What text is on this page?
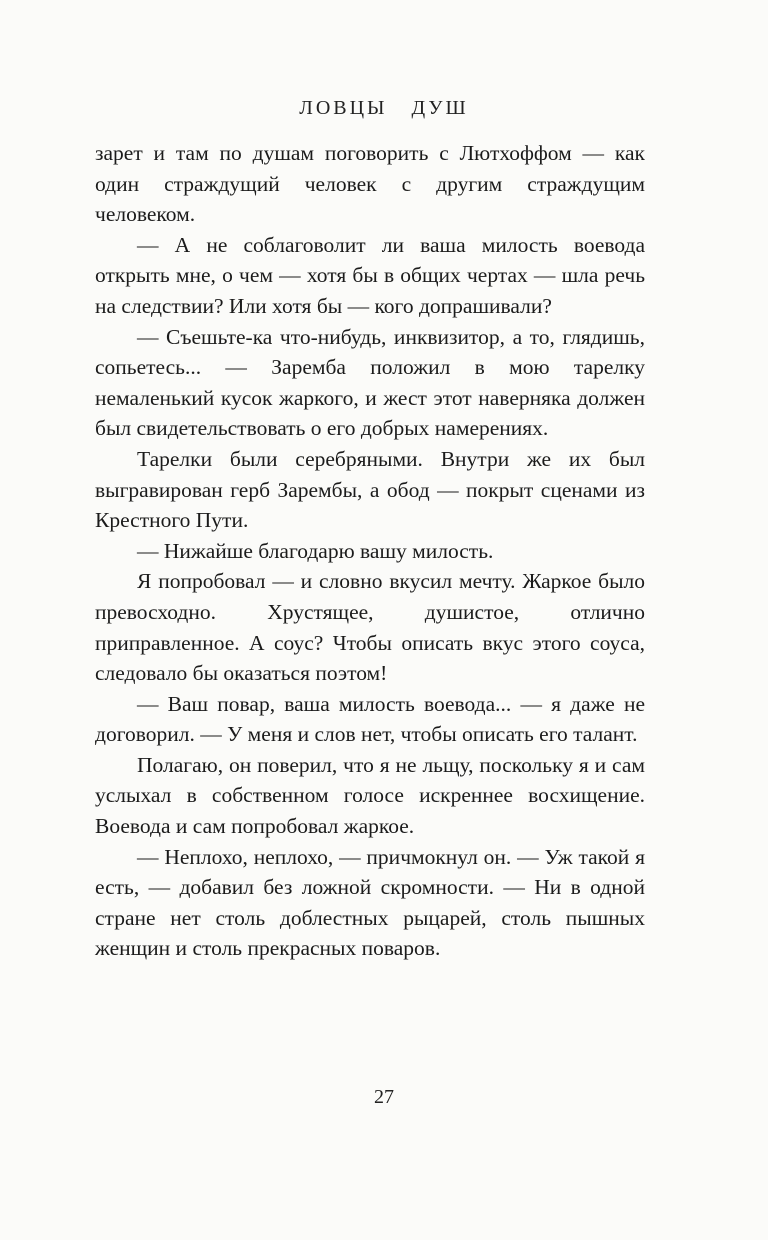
ЛОВЦЫ ДУШ

зарет и там по душам поговорить с Лютхоффом — как один страждущий человек с другим страждущим человеком.

— А не соблаговолит ли ваша милость воевода открыть мне, о чем — хотя бы в общих чертах — шла речь на следствии? Или хотя бы — кого допрашивали?

— Съешьте-ка что-нибудь, инквизитор, а то, глядишь, сопьетесь... — Заремба положил в мою тарелку немаленький кусок жаркого, и жест этот наверняка должен был свидетельствовать о его добрых намерениях.

Тарелки были серебряными. Внутри же их был выгравирован герб Зарембы, а обод — покрыт сценами из Крестного Пути.

— Нижайше благодарю вашу милость.

Я попробовал — и словно вкусил мечту. Жаркое было превосходно. Хрустящее, душистое, отлично приправленное. А соус? Чтобы описать вкус этого соуса, следовало бы оказаться поэтом!

— Ваш повар, ваша милость воевода... — я даже не договорил. — У меня и слов нет, чтобы описать его талант.

Полагаю, он поверил, что я не льщу, поскольку я и сам услыхал в собственном голосе искреннее восхищение. Воевода и сам попробовал жаркое.

— Неплохо, неплохо, — причмокнул он. — Уж такой я есть, — добавил без ложной скромности. — Ни в одной стране нет столь доблестных рыцарей, столь пышных женщин и столь прекрасных поваров.

27
